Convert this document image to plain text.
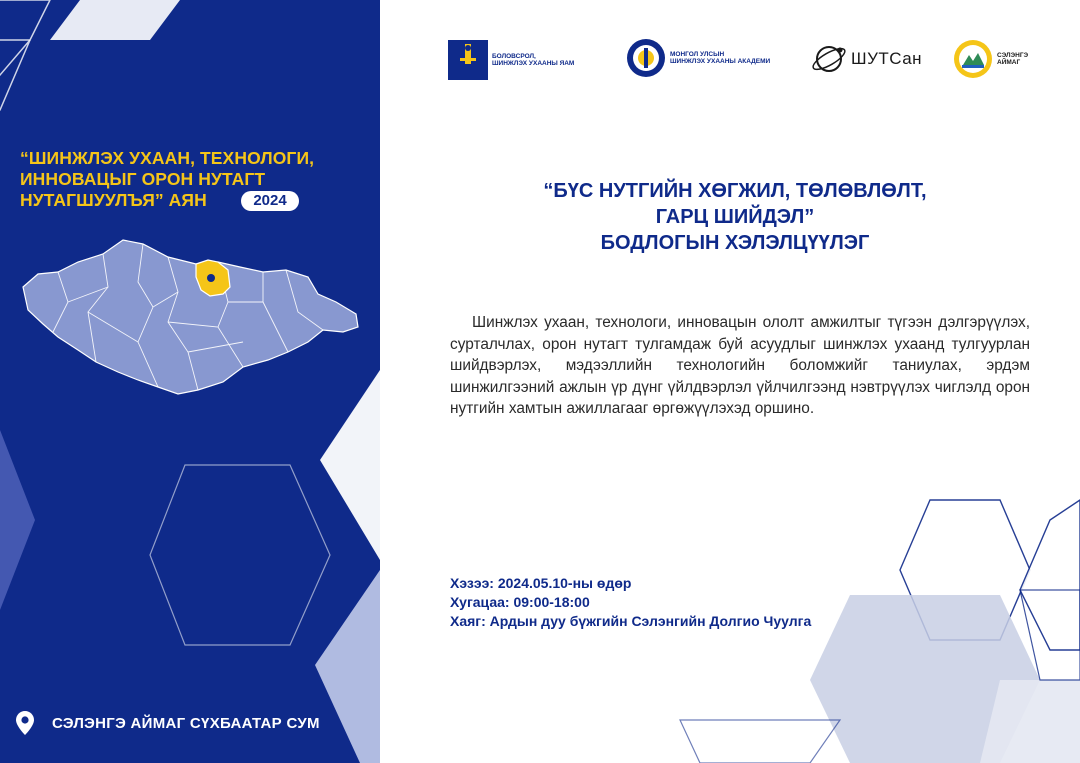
“ШИНЖЛЭХ УХААН, ТЕХНОЛОГИ,
ИННОВАЦЫГ ОРОН НУТАГТ
НУТАГШУУЛЪЯ” АЯН	2024
СЭЛЭНГЭ АЙМАГ СҮХБААТАР СУМ
БОЛОВСРОЛ,
ШИНЖЛЭХ УХААНЫ ЯАМ
МОНГОЛ УЛСЫН
ШИНЖЛЭХ УХААНЫ АКАДЕМИ	ШУТСан	СЭЛЭНГЭ
АЙМАГ
“БҮС НУТГИЙН ХӨГЖИЛ, ТӨЛӨВЛӨЛТ,
ГАРЦ ШИЙДЭЛ”
БОДЛОГЫН ХЭЛЭЛЦҮҮЛЭГ
Шинжлэх ухаан, технологи, инновацын ололт амжилтыг түгээн дэлгэрүүлэх, сурталчлах, орон нутагт тулгамдаж буй асуудлыг шинжлэх ухаанд тулгуурлан шийдвэрлэх, мэдээллийн технологийн боломжийг таниулах, эрдэм шинжилгээний ажлын үр дүнг үйлдвэрлэл үйлчилгээнд нэвтрүүлэх чиглэлд орон нутгийн хамтын ажиллагааг өргөжүүлэхэд оршино.
Хэзээ: 2024.05.10-ны өдөр
Хугацаа: 09:00-18:00
Хаяг: Ардын дуу бүжгийн Сэлэнгийн Долгио Чуулга
